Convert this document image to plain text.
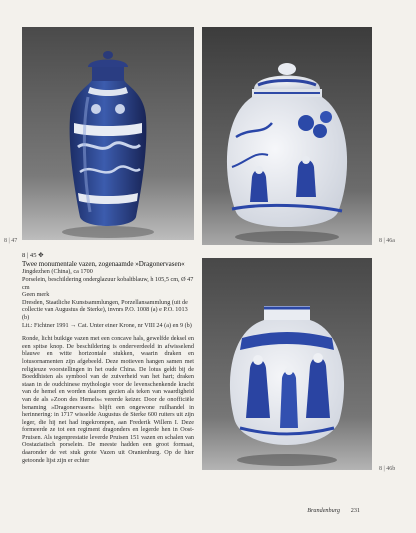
8 | 47	8 | 46a
8 | 46b
8 | 45 ✥
Twee monumentale vazen, zogenaamde »Dragonervasen«
Jingdezhen (China), ca 1700
Porselein, beschildering onderglazuur kobaltblauw, h 105,5 cm, Ø 47 cm
Geen merk
Dresden, Staatliche Kunstsammlungen, Porzellansammlung (uit de collectie van Augustus de Sterke), invnrs P.O. 1008 (a) e P.O. 1013 (b)
Lit.: Fichtner 1991 → Cat. Unter einer Krone, nr VIII 24 (a) en 9 (b)

Ronde, licht buikige vazen met een concave hals, gewelfde deksel en een spitse knop. De beschildering is onderverdeeld in afwisselend blauwe en witte horizontale stukken, waarin draken en lotusornamenten zijn afgebeeld. Deze motieven hangen samen met religieuze voorstellingen in het oude China. De lotus geldt bij de Boeddhisten als symbool van de zuiverheid van het hart; draken staan in de oudchinese mythologie voor de levenschenkende kracht van de hemel en worden daarom gezien als teken van waardigheid van de als »Zoon des Hemels« vererde keizer. Door de onofficiële benaming »Dragonervasen« blijft een ongewone ruilhandel in herinnering: in 1717 wisselde Augustus de Sterke 600 ruiters uit zijn leger, die hij net had ingekrompen, aan Frederik Willem I. Deze formeerde ze tot een regiment dragonders en legerde hen in Oost-Pruisen. Als tegenprestatie leverde Pruisen 151 vazen en schalen van Oostaziatisch porselein. De meeste hadden een groot formaat, daaronder de vet stuk grote Vazen uit Oranienburg. Op de hier getoonde lijst zijn er echter

Brandenburg 231
